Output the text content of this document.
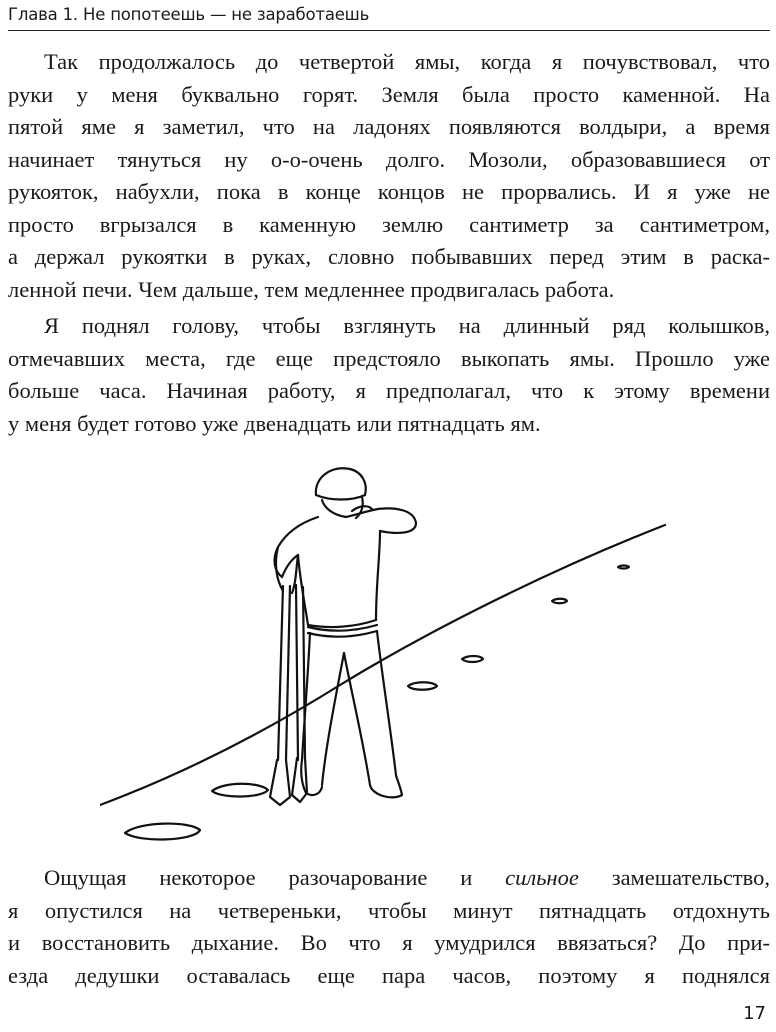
Глава 1. Не попотеешь — не заработаешь
Так продолжалось до четвертой ямы, когда я почувствовал, что
руки у меня буквально горят. Земля была просто каменной. На
пятой яме я заметил, что на ладонях появляются волдыри, а время
начинает тянуться ну о-о-очень долго. Мозоли, образовавшиеся от
рукояток, набухли, пока в конце концов не прорвались. И я уже не
просто вгрызался в каменную землю сантиметр за сантиметром,
а держал рукоятки в руках, словно побывавших перед этим в раска-
ленной печи. Чем дальше, тем медленнее продвигалась работа.
Я поднял голову, чтобы взглянуть на длинный ряд колышков,
отмечавших места, где еще предстояло выкопать ямы. Прошло уже
больше часа. Начиная работу, я предполагал, что к этому времени
у меня будет готово уже двенадцать или пятнадцать ям.
Ощущая некоторое разочарование и сильное замешательство,
я опустился на четвереньки, чтобы минут пятнадцать отдохнуть
и восстановить дыхание. Во что я умудрился ввязаться? До при-
езда дедушки оставалась еще пара часов, поэтому я поднялся
17
